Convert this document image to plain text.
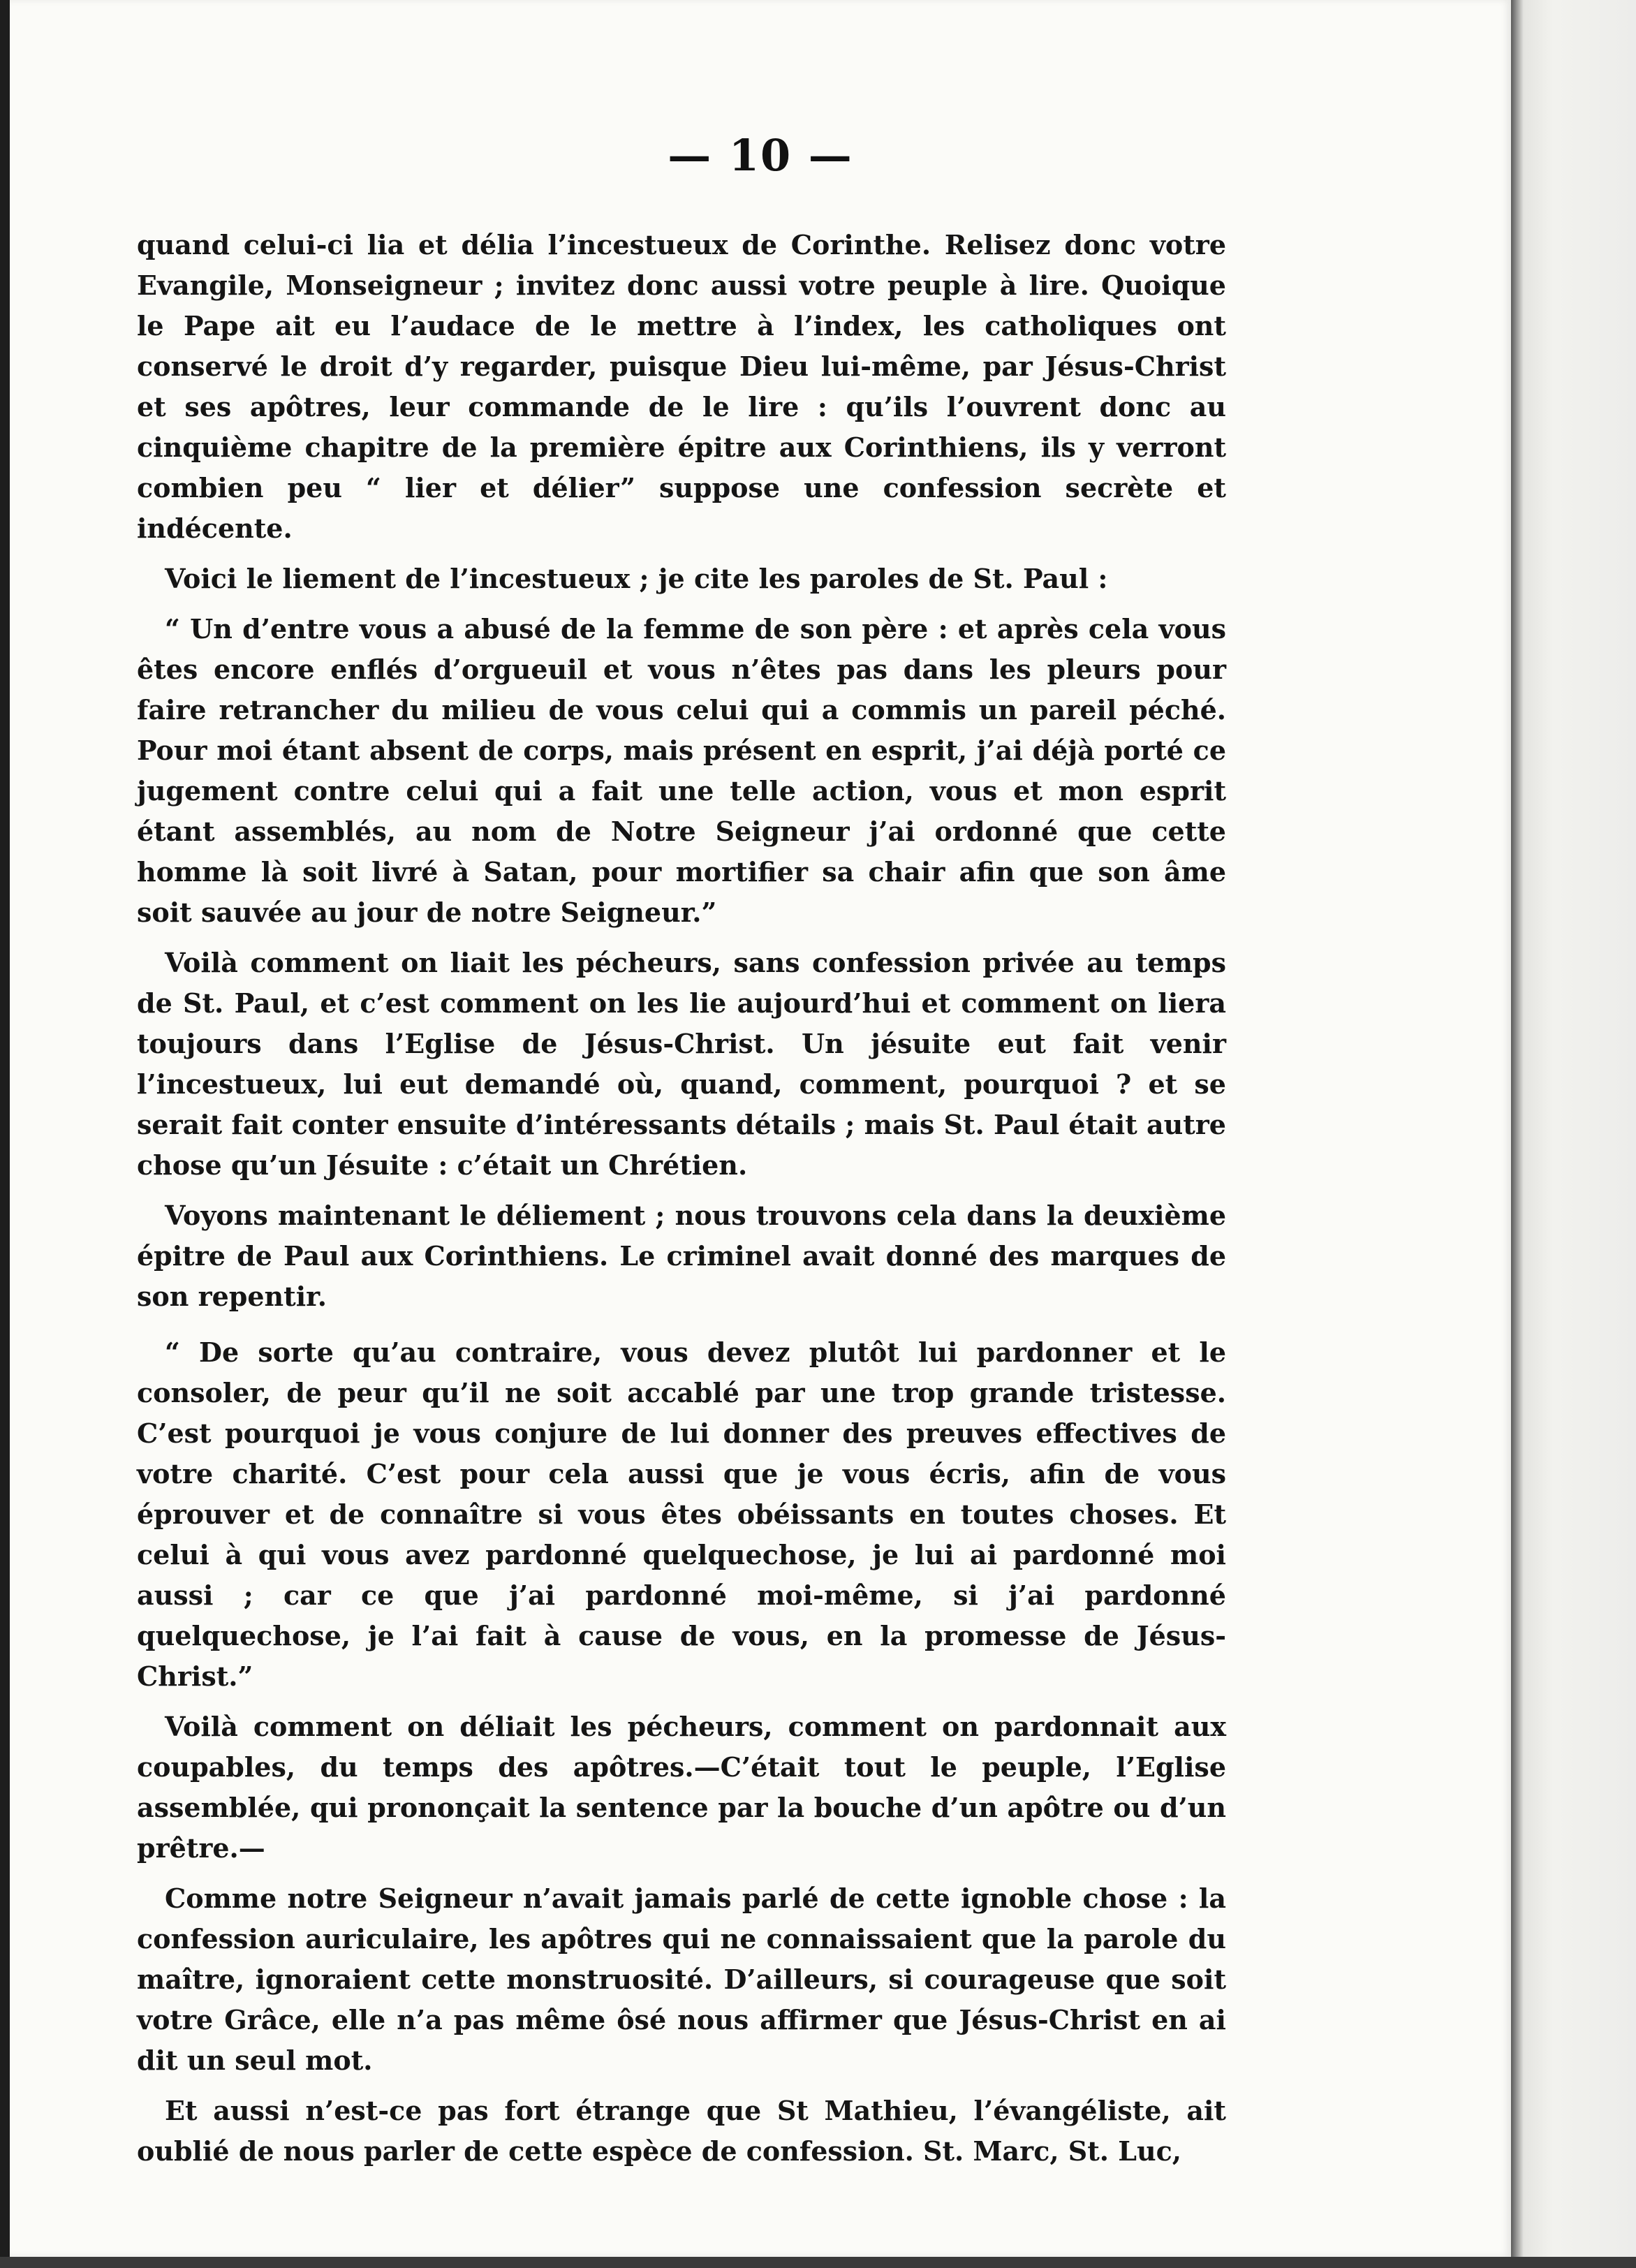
— 10 —

quand celui-ci lia et délia l’incestueux de Corinthe. Relisez donc votre Evangile, Monseigneur ; invitez donc aussi votre peuple à lire. Quoique le Pape ait eu l’audace de le mettre à l’index, les catholiques ont conservé le droit d’y regarder, puisque Dieu lui-même, par Jésus-Christ et ses apôtres, leur commande de le lire : qu’ils l’ouvrent donc au cinquième chapitre de la première épitre aux Corinthiens, ils y verront combien peu “ lier et délier” suppose une confession secrète et indécente.

Voici le liement de l’incestueux ; je cite les paroles de St. Paul :

“ Un d’entre vous a abusé de la femme de son père : et après cela vous êtes encore enflés d’orgueuil et vous n’êtes pas dans les pleurs pour faire retrancher du milieu de vous celui qui a commis un pareil péché. Pour moi étant absent de corps, mais présent en esprit, j’ai déjà porté ce jugement contre celui qui a fait une telle action, vous et mon esprit étant assemblés, au nom de Notre Seigneur j’ai ordonné que cette homme là soit livré à Satan, pour mortifier sa chair afin que son âme soit sauvée au jour de notre Seigneur.”

Voilà comment on liait les pécheurs, sans confession privée au temps de St. Paul, et c’est comment on les lie aujourd’hui et comment on liera toujours dans l’Eglise de Jésus-Christ. Un jésuite eut fait venir l’incestueux, lui eut demandé où, quand, comment, pourquoi ? et se serait fait conter ensuite d’intéressants détails ; mais St. Paul était autre chose qu’un Jésuite : c’était un Chrétien.

Voyons maintenant le déliement ; nous trouvons cela dans la deuxième épitre de Paul aux Corinthiens. Le criminel avait donné des marques de son repentir.

“ De sorte qu’au contraire, vous devez plutôt lui pardonner et le consoler, de peur qu’il ne soit accablé par une trop grande tristesse. C’est pourquoi je vous conjure de lui donner des preuves effectives de votre charité. C’est pour cela aussi que je vous écris, afin de vous éprouver et de connaître si vous êtes obéissants en toutes choses. Et celui à qui vous avez pardonné quelquechose, je lui ai pardonné moi aussi ; car ce que j’ai pardonné moi-même, si j’ai pardonné quelquechose, je l’ai fait à cause de vous, en la promesse de Jésus-Christ.”

Voilà comment on déliait les pécheurs, comment on pardonnait aux coupables, du temps des apôtres.—C’était tout le peuple, l’Eglise assemblée, qui prononçait la sentence par la bouche d’un apôtre ou d’un prêtre.—

Comme notre Seigneur n’avait jamais parlé de cette ignoble chose : la confession auriculaire, les apôtres qui ne connaissaient que la parole du maître, ignoraient cette monstruosité. D’ailleurs, si courageuse que soit votre Grâce, elle n’a pas même ôsé nous affirmer que Jésus-Christ en ai dit un seul mot.

Et aussi n’est-ce pas fort étrange que St Mathieu, l’évangéliste, ait oublié de nous parler de cette espèce de confession. St. Marc, St. Luc,
